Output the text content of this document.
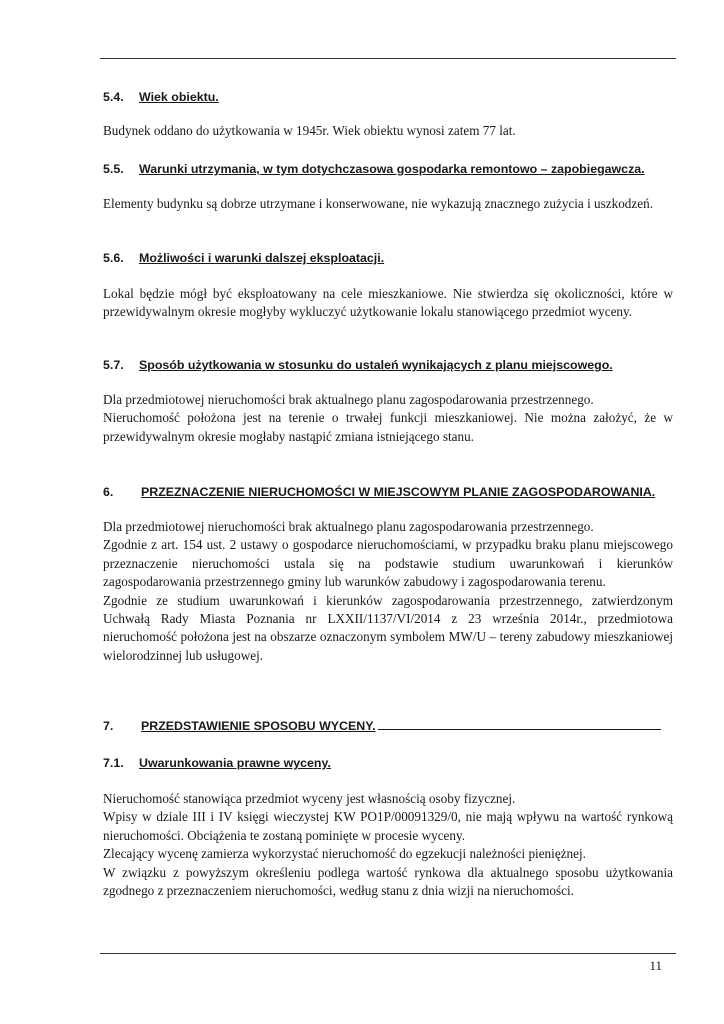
5.4. Wiek obiektu.
Budynek oddano do użytkowania w 1945r. Wiek obiektu wynosi zatem 77 lat.
5.5. Warunki utrzymania, w tym dotychczasowa gospodarka remontowo – zapobiegawcza.
Elementy budynku są dobrze utrzymane i konserwowane, nie wykazują znacznego zużycia i uszkodzeń.
5.6. Możliwości i warunki dalszej eksploatacji.
Lokal będzie mógł być eksploatowany na cele mieszkaniowe. Nie stwierdza się okoliczności, które w przewidywalnym okresie mogłyby wykluczyć użytkowanie lokalu stanowiącego przedmiot wyceny.
5.7. Sposób użytkowania w stosunku do ustaleń wynikających z planu miejscowego.
Dla przedmiotowej nieruchomości brak aktualnego planu zagospodarowania przestrzennego.
Nieruchomość położona jest na terenie o trwałej funkcji mieszkaniowej. Nie można założyć, że w przewidywalnym okresie mogłaby nastąpić zmiana istniejącego stanu.
6. PRZEZNACZENIE NIERUCHOMOŚCI W MIEJSCOWYM PLANIE ZAGOSPODAROWANIA.
Dla przedmiotowej nieruchomości brak aktualnego planu zagospodarowania przestrzennego.
Zgodnie z art. 154 ust. 2 ustawy o gospodarce nieruchomościami, w przypadku braku planu miejscowego przeznaczenie nieruchomości ustala się na podstawie studium uwarunkowań i kierunków zagospodarowania przestrzennego gminy lub warunków zabudowy i zagospodarowania terenu.
Zgodnie ze studium uwarunkowań i kierunków zagospodarowania przestrzennego, zatwierdzonym Uchwałą Rady Miasta Poznania nr LXXII/1137/VI/2014 z 23 września 2014r., przedmiotowa nieruchomość położona jest na obszarze oznaczonym symbolem MW/U – tereny zabudowy mieszkaniowej wielorodzinnej lub usługowej.
7. PRZEDSTAWIENIE SPOSOBU WYCENY.
7.1. Uwarunkowania prawne wyceny.
Nieruchomość stanowiąca przedmiot wyceny jest własnością osoby fizycznej.
Wpisy w dziale III i IV księgi wieczystej KW PO1P/00091329/0, nie mają wpływu na wartość rynkową nieruchomości. Obciążenia te zostaną pominięte w procesie wyceny.
Zlecający wycenę zamierza wykorzystać nieruchomość do egzekucji należności pieniężnej.
W związku z powyższym określeniu podlega wartość rynkowa dla aktualnego sposobu użytkowania zgodnego z przeznaczeniem nieruchomości, według stanu z dnia wizji na nieruchomości.
11
